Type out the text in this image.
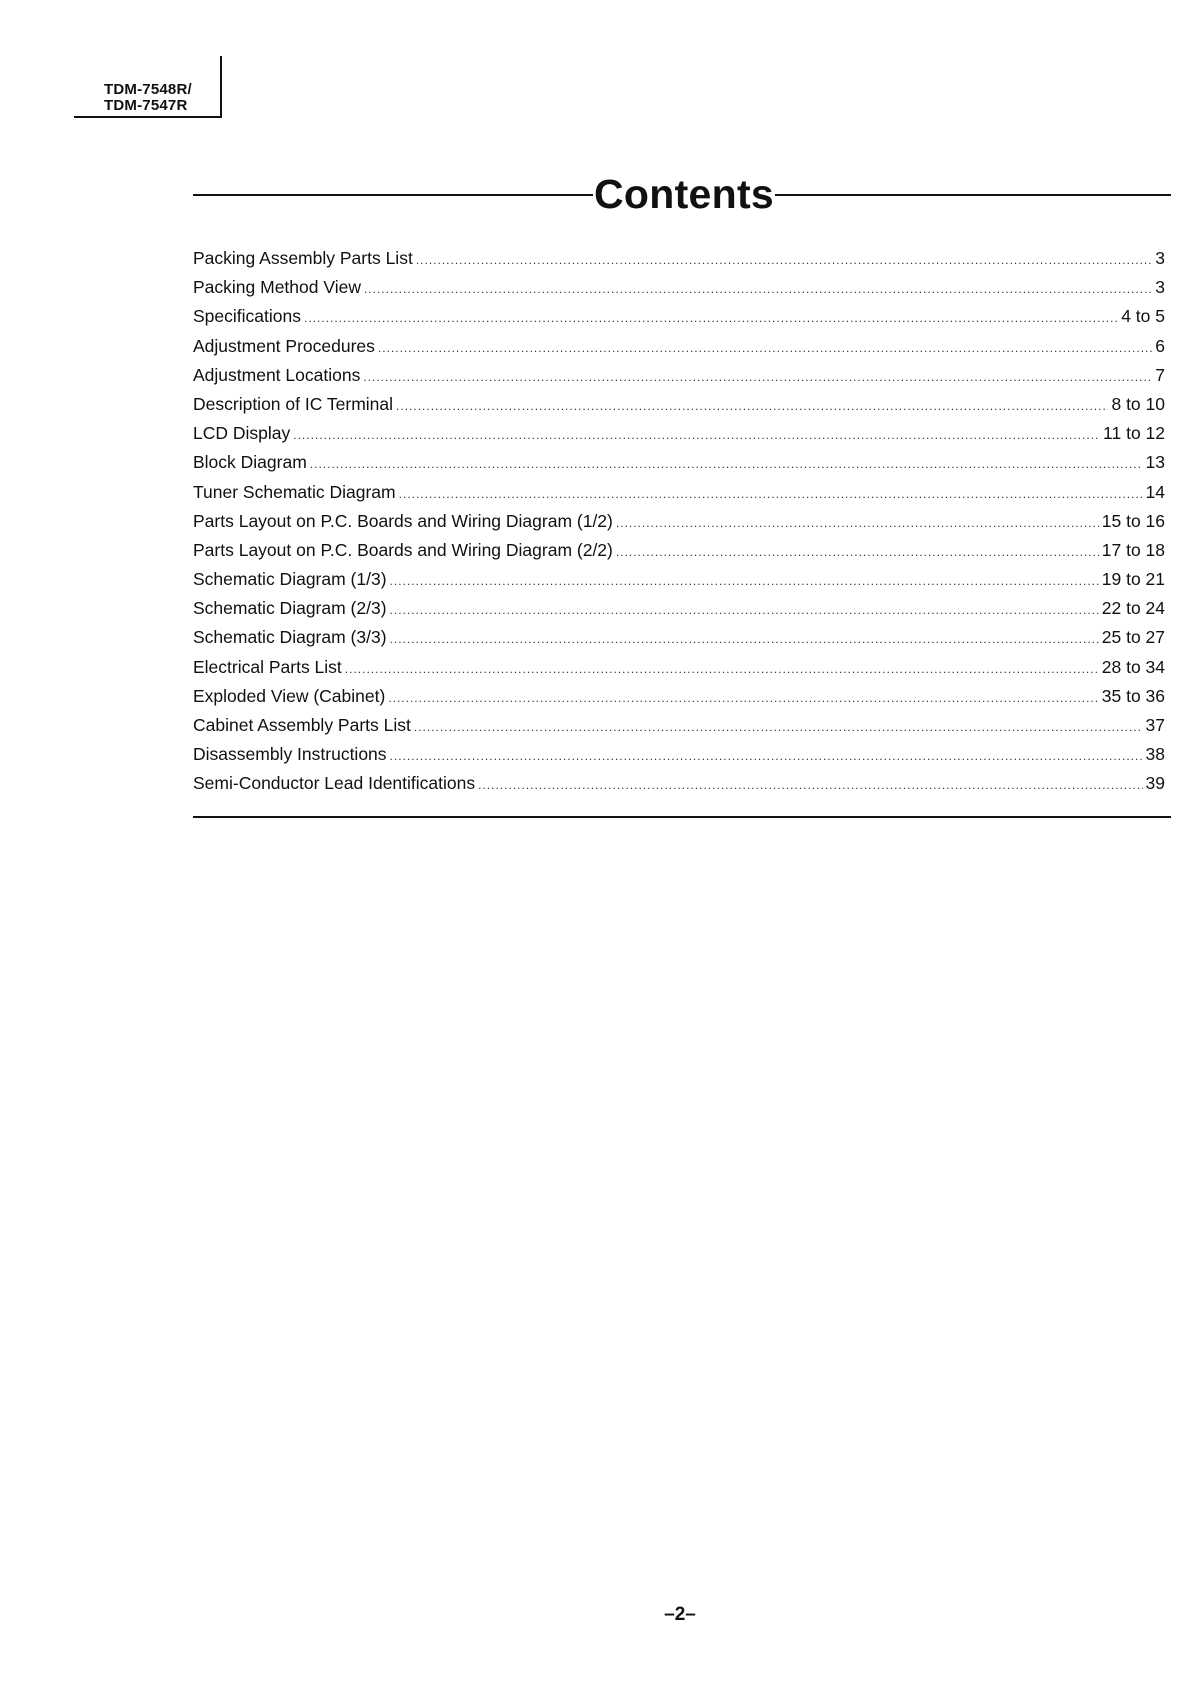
TDM-7548R/
TDM-7547R
Contents
Packing Assembly Parts List .....	3
Packing Method View .....	3
Specifications .....	4 to 5
Adjustment Procedures .....	6
Adjustment Locations .....	7
Description of IC Terminal .....	8 to 10
LCD Display .....	11 to 12
Block Diagram .....	13
Tuner Schematic Diagram .....	14
Parts Layout on P.C. Boards and Wiring Diagram (1/2) .....	15 to 16
Parts Layout on P.C. Boards and Wiring Diagram (2/2) .....	17 to 18
Schematic Diagram (1/3) .....	19 to 21
Schematic Diagram (2/3) .....	22 to 24
Schematic Diagram (3/3) .....	25 to 27
Electrical Parts List .....	28 to 34
Exploded View (Cabinet) .....	35 to 36
Cabinet Assembly Parts List .....	37
Disassembly Instructions .....	38
Semi-Conductor Lead Identifications .....	39
–2–
